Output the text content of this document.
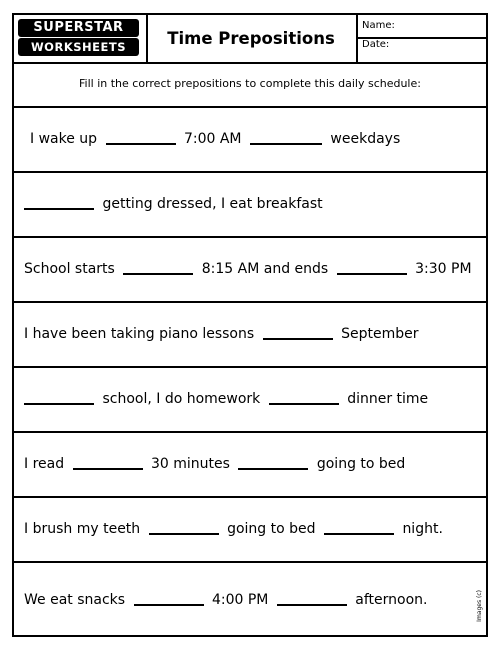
SUPERSTAR
WORKSHEETS	Time Prepositions
Name:
Date:
Fill in the correct prepositions to complete this daily schedule:
I wake up	7:00 AM	weekdays
getting dressed, I eat breakfast
School starts	8:15 AM and ends	3:30 PM
I have been taking piano lessons	September
school, I do homework	dinner time
I read	30 minutes	going to bed
I brush my teeth	going to bed	night.
We eat snacks	4:00 PM	afternoon.	Images (c)
